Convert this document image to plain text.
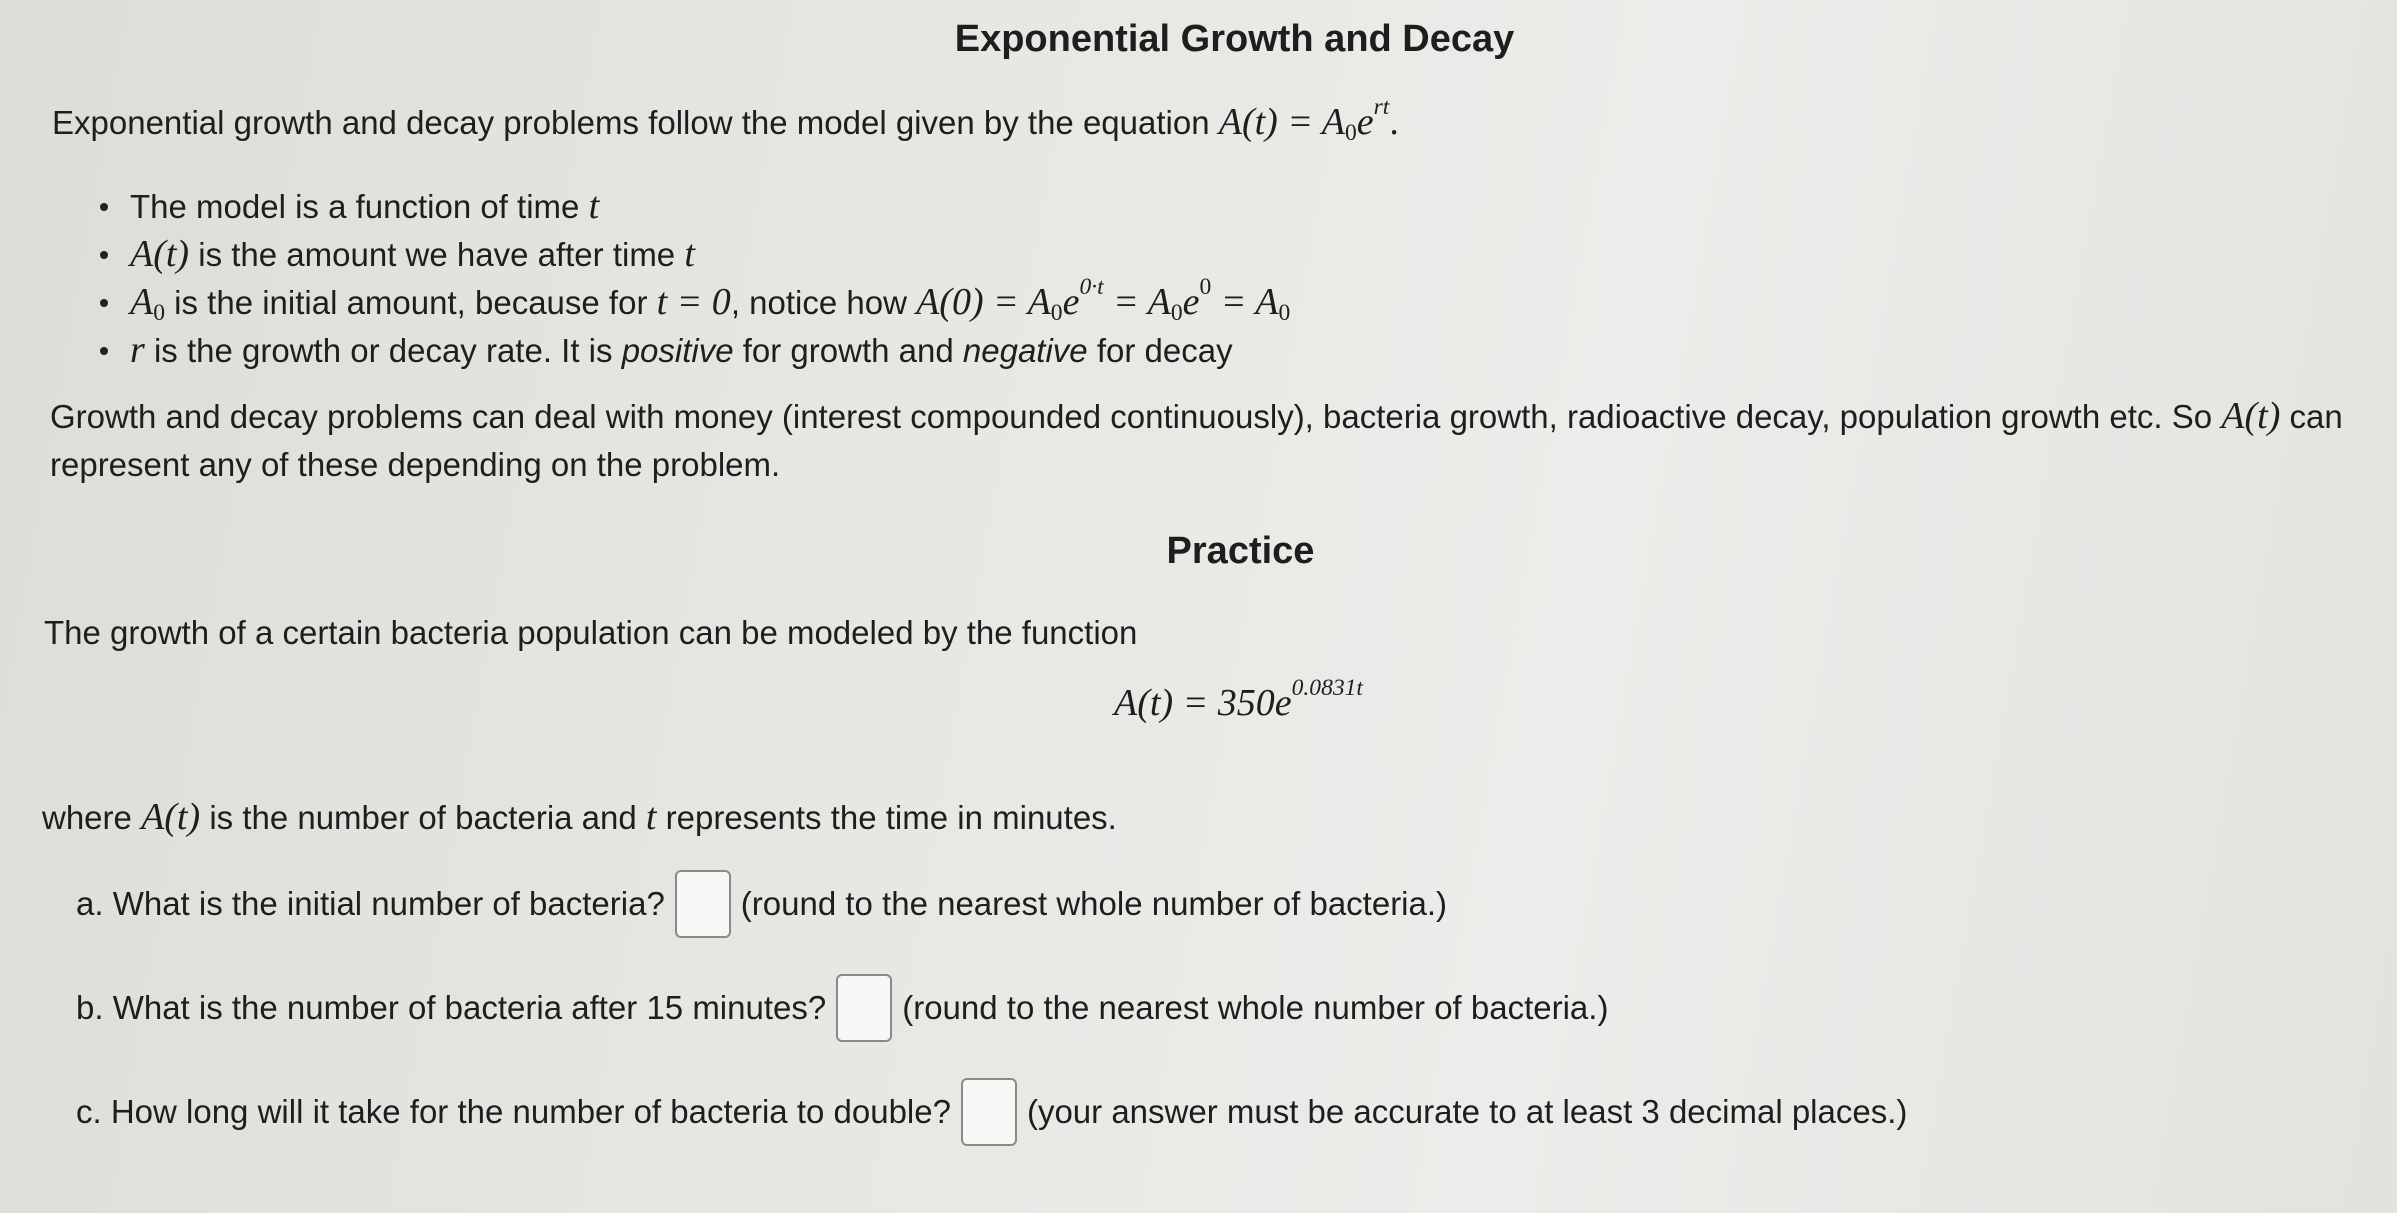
Exponential Growth and Decay
Exponential growth and decay problems follow the model given by the equation $A(t) = A_0e^{rt}$.
The model is a function of time t
A(t) is the amount we have after time t
$A_0$ is the initial amount, because for t = 0, notice how $A(0) = A_0e^{0\cdot t} = A_0e^0 = A_0$
r is the growth or decay rate. It is positive for growth and negative for decay
Growth and decay problems can deal with money (interest compounded continuously), bacteria growth, radioactive decay, population growth etc. So A(t) can represent any of these depending on the problem.
Practice
The growth of a certain bacteria population can be modeled by the function
$A(t) = 350e^{0.0831t}$
where A(t) is the number of bacteria and t represents the time in minutes.
a. What is the initial number of bacteria? (round to the nearest whole number of bacteria.)
b. What is the number of bacteria after 15 minutes? (round to the nearest whole number of bacteria.)
c. How long will it take for the number of bacteria to double? (your answer must be accurate to at least 3 decimal places.)
